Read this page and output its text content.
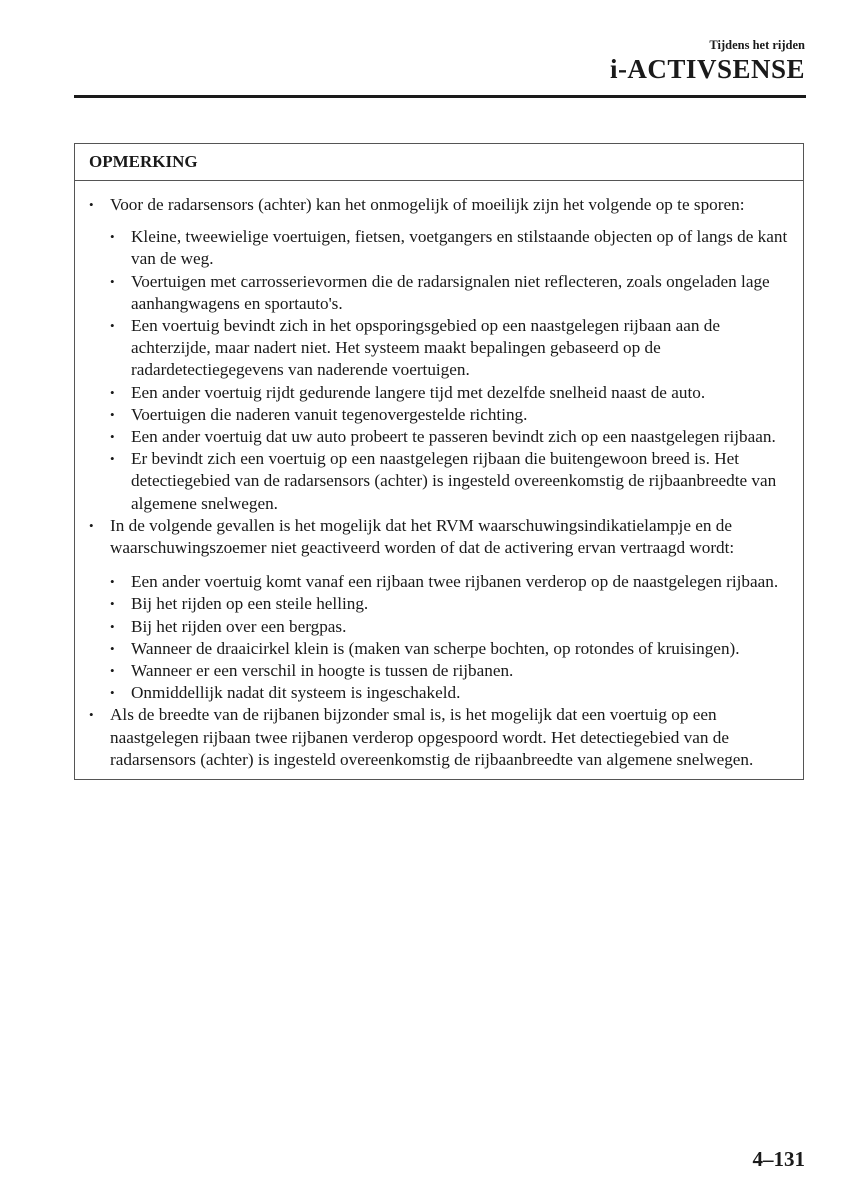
Tijdens het rijden
i-ACTIVSENSE
OPMERKING
• Voor de radarsensors (achter) kan het onmogelijk of moeilijk zijn het volgende op te sporen:
• Kleine, tweewielige voertuigen, fietsen, voetgangers en stilstaande objecten op of langs de kant van de weg.
• Voertuigen met carrosserievormen die de radarsignalen niet reflecteren, zoals ongeladen lage aanhangwagens en sportauto's.
• Een voertuig bevindt zich in het opsporingsgebied op een naastgelegen rijbaan aan de achterzijde, maar nadert niet. Het systeem maakt bepalingen gebaseerd op de radardetectiegegevens van naderende voertuigen.
• Een ander voertuig rijdt gedurende langere tijd met dezelfde snelheid naast de auto.
• Voertuigen die naderen vanuit tegenovergestelde richting.
• Een ander voertuig dat uw auto probeert te passeren bevindt zich op een naastgelegen rijbaan.
• Er bevindt zich een voertuig op een naastgelegen rijbaan die buitengewoon breed is. Het detectiegebied van de radarsensors (achter) is ingesteld overeenkomstig de rijbaanbreedte van algemene snelwegen.
• In de volgende gevallen is het mogelijk dat het RVM waarschuwingsindikatielampje en de waarschuwingszoemer niet geactiveerd worden of dat de activering ervan vertraagd wordt:
• Een ander voertuig komt vanaf een rijbaan twee rijbanen verderop op de naastgelegen rijbaan.
• Bij het rijden op een steile helling.
• Bij het rijden over een bergpas.
• Wanneer de draaicirkel klein is (maken van scherpe bochten, op rotondes of kruisingen).
• Wanneer er een verschil in hoogte is tussen de rijbanen.
• Onmiddellijk nadat dit systeem is ingeschakeld.
• Als de breedte van de rijbanen bijzonder smal is, is het mogelijk dat een voertuig op een naastgelegen rijbaan twee rijbanen verderop opgespoord wordt. Het detectiegebied van de radarsensors (achter) is ingesteld overeenkomstig de rijbaanbreedte van algemene snelwegen.
4–131
